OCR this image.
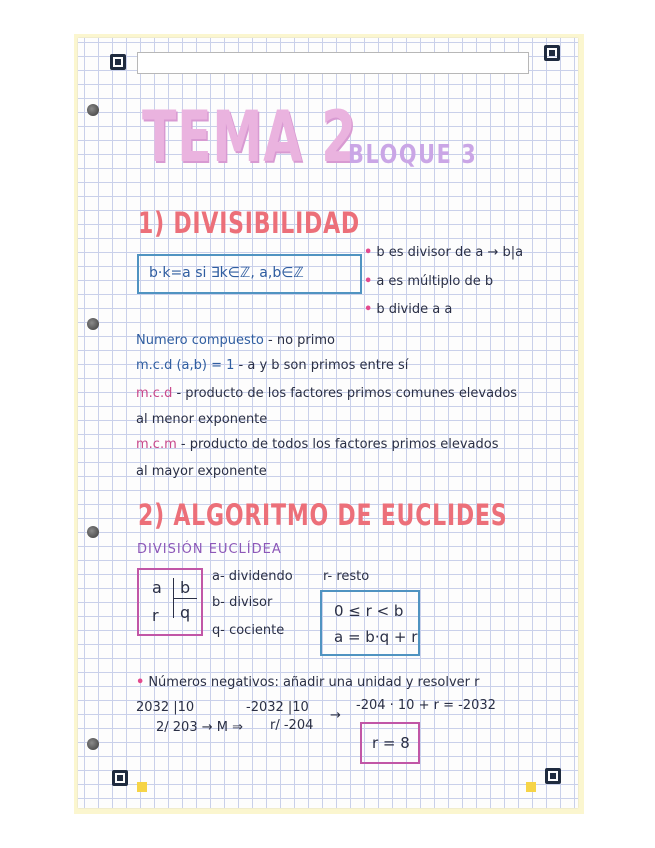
TEMA 2
BLOQUE 3
1) DIVISIBILIDAD
b·k=a si ∃k∈ℤ, a,b∈ℤ
• b es divisor de a → b|a
• a es múltiplo de b
• b divide a a
Numero compuesto - no primo
m.c.d (a,b) = 1 - a y b son primos entre sí
m.c.d - producto de los factores primos comunes elevados
al menor exponente
m.c.m - producto de todos los factores primos elevados
al mayor exponente
2) ALGORITMO DE EUCLIDES
DIVISIÓN EUCLÍDEA
a b
r q
a- dividendo
b- divisor
q- cociente
r- resto
0 ≤ r < b
a = b·q + r
• Números negativos: añadir una unidad y resolver r
2032 |10
2/ 203 → M ⇒
-2032 |10
r/ -204
→
-204 · 10 + r = -2032
r = 8
